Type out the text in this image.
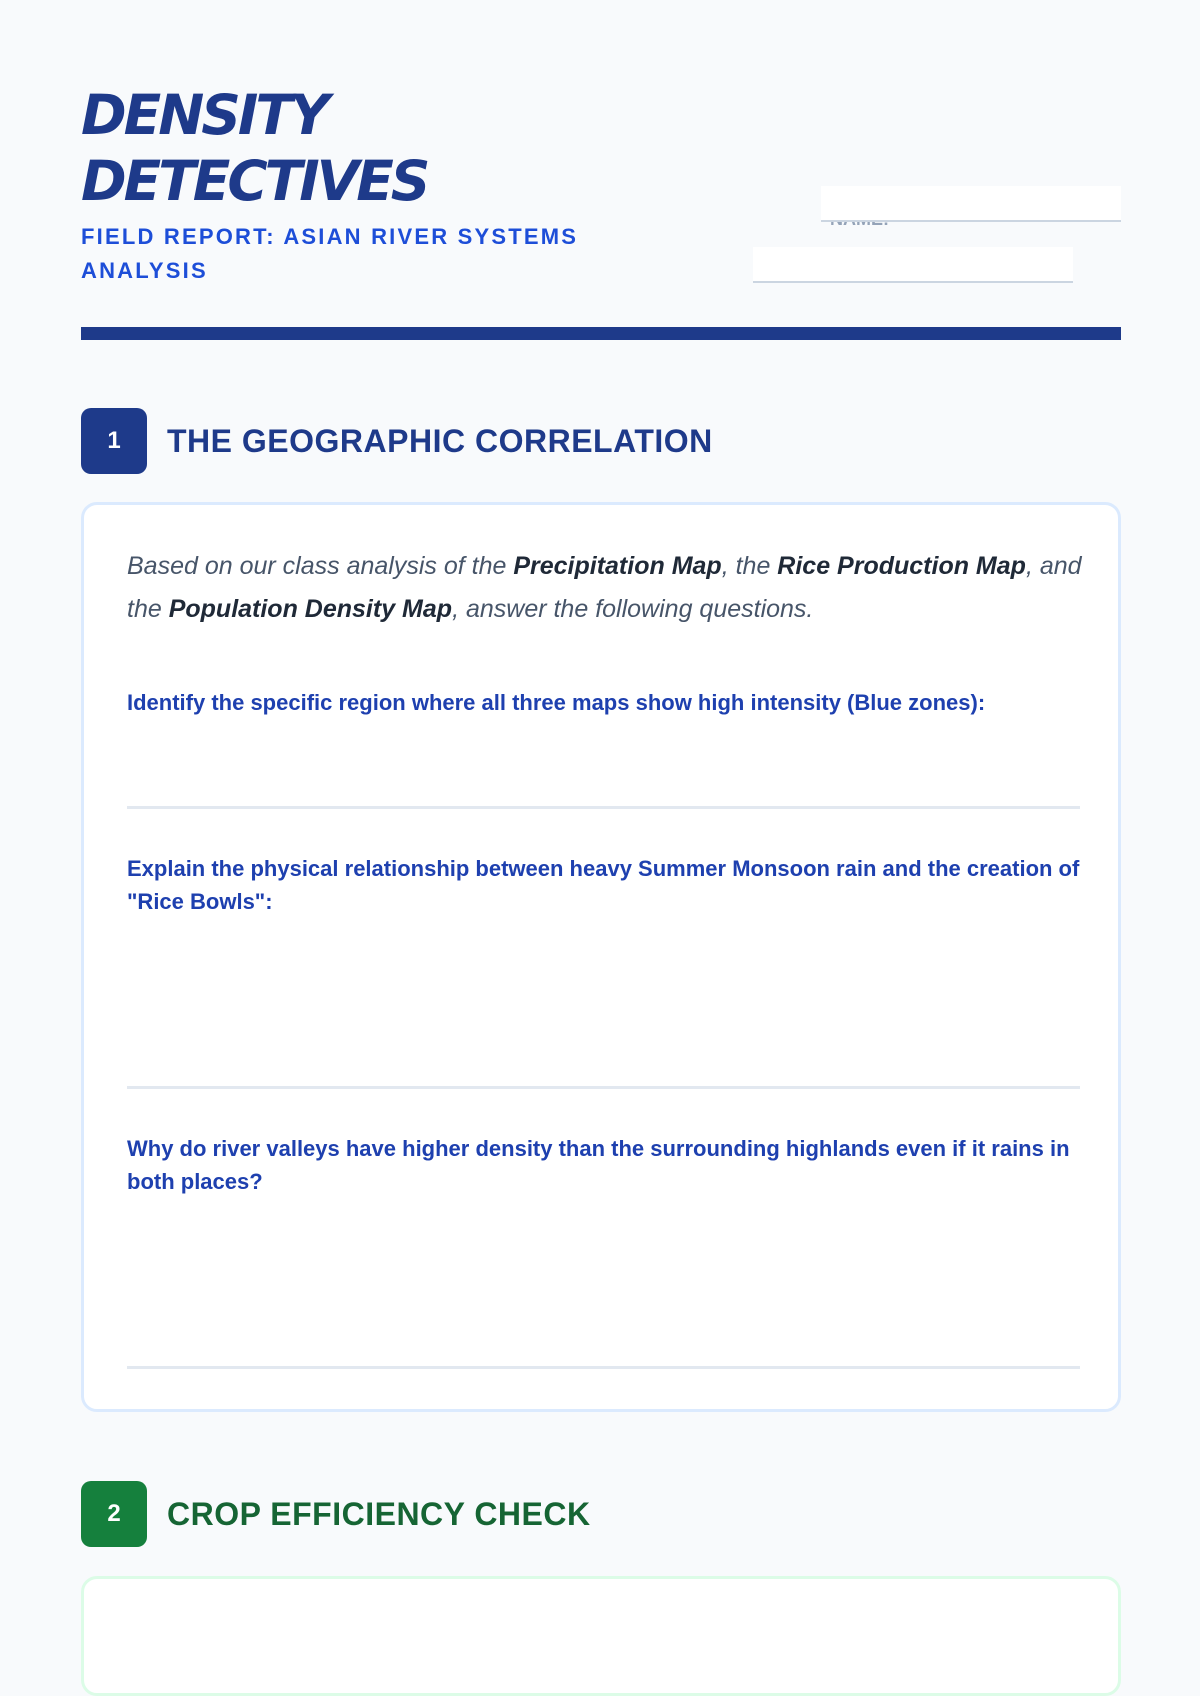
DENSITY
DETECTIVES
FIELD REPORT: ASIAN RIVER SYSTEMS ANALYSIS

1	THE GEOGRAPHIC CORRELATION
Based on our class analysis of the Precipitation Map, the Rice Production Map, and the Population Density Map, answer the following questions.
Identify the specific region where all three maps show high intensity (Blue zones):
Explain the physical relationship between heavy Summer Monsoon rain and the creation of "Rice Bowls":
Why do river valleys have higher density than the surrounding highlands even if it rains in both places?
2	CROP EFFICIENCY CHECK
